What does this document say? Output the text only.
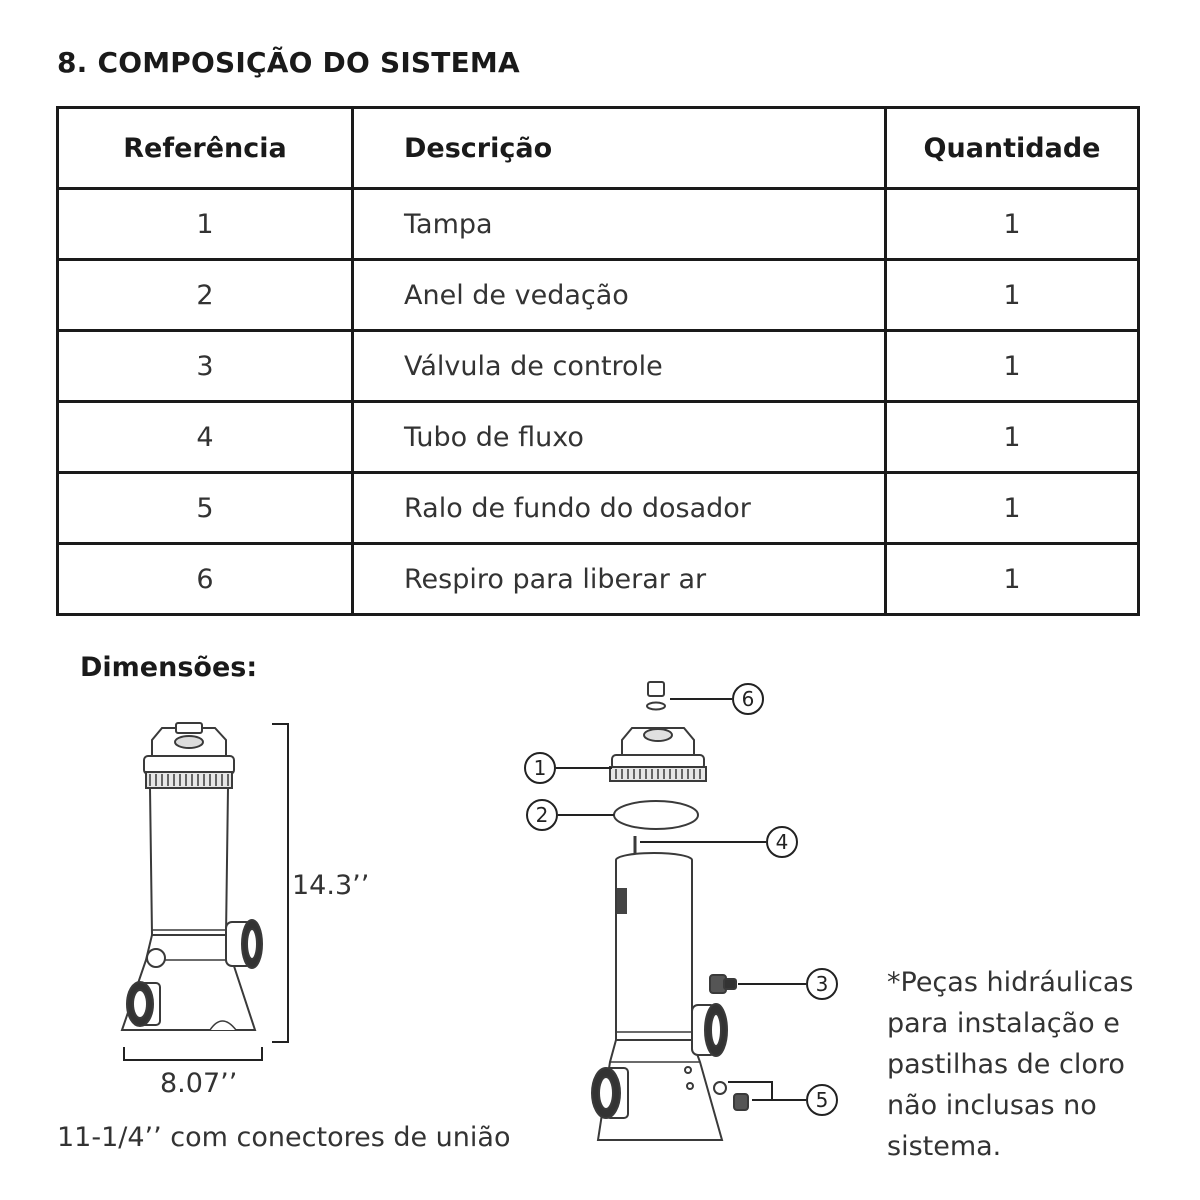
8. COMPOSIÇÃO DO SISTEMA
Referência	Descrição	Quantidade
1	Tampa	1
2	Anel de vedação	1
3	Válvula de controle	1
4	Tubo de fluxo	1
5	Ralo de fundo do dosador	1
6	Respiro para liberar ar	1
Dimensões:
6
1
2
4
3
5
14.3’’
8.07’’
11-1/4’’ com conectores de união
*Peças hidráulicas
para instalação e
pastilhas de cloro
não inclusas no
sistema.
